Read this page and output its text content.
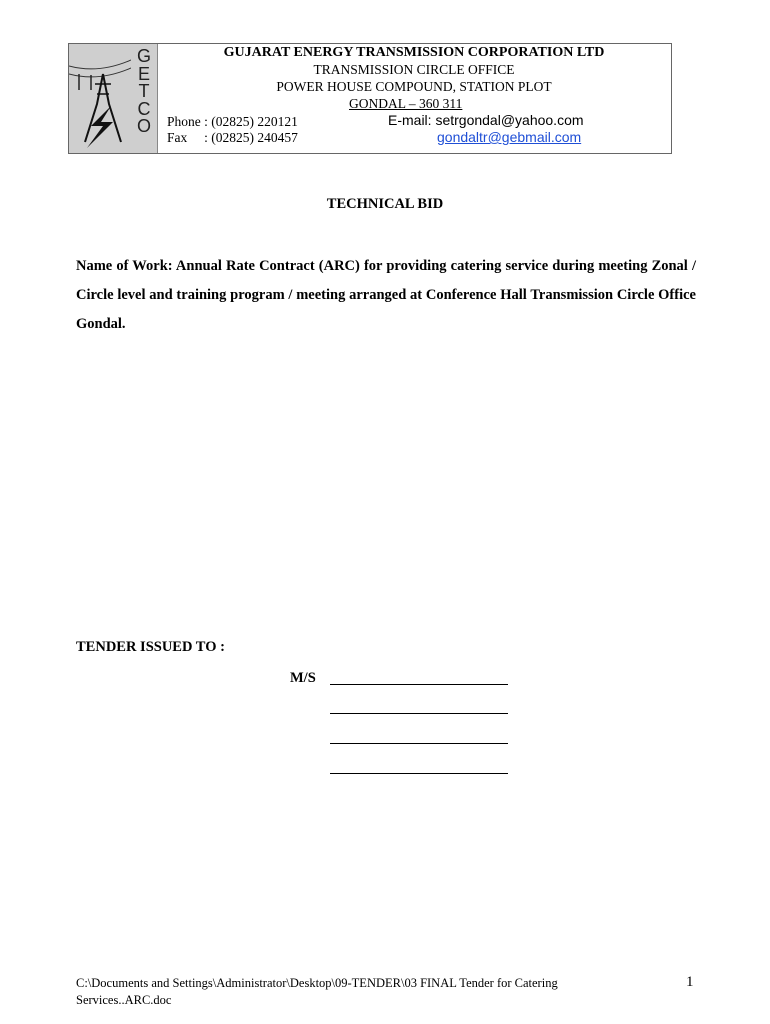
G
E
T
C
O
GUJARAT ENERGY TRANSMISSION CORPORATION LTD
TRANSMISSION CIRCLE OFFICE
POWER HOUSE COMPOUND, STATION PLOT
GONDAL – 360 311
Phone : (02825) 220121
Fax     : (02825) 240457
E-mail: setrgondal@yahoo.com
gondaltr@gebmail.com
TECHNICAL BID
Name of Work: Annual Rate Contract (ARC) for providing catering service during meeting Zonal / Circle level and training program / meeting arranged at Conference Hall Transmission Circle Office Gondal.
TENDER ISSUED TO :
M/S
C:\Documents and Settings\Administrator\Desktop\09-TENDER\03 FINAL Tender for Catering Services..ARC.doc
1
